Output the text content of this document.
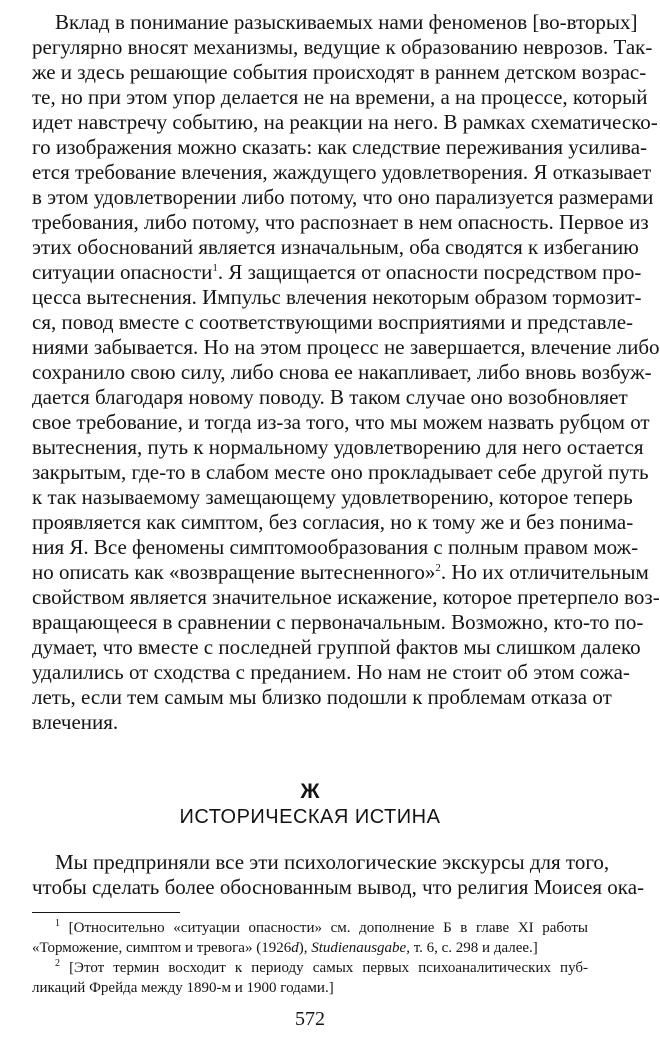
Вклад в понимание разыскиваемых нами феноменов [во-вторых]
регулярно вносят механизмы, ведущие к образованию неврозов. Так-
же и здесь решающие события происходят в раннем детском возрас-
те, но при этом упор делается не на времени, а на процессе, который
идет навстречу событию, на реакции на него. В рамках схематическо-
го изображения можно сказать: как следствие переживания усилива-
ется требование влечения, жаждущего удовлетворения. Я отказывает
в этом удовлетворении либо потому, что оно парализуется размерами
требования, либо потому, что распознает в нем опасность. Первое из
этих обоснований является изначальным, оба сводятся к избеганию
ситуации опасности$^1$. Я защищается от опасности посредством про-
цесса вытеснения. Импульс влечения некоторым образом тормозит-
ся, повод вместе с соответствующими восприятиями и представле-
ниями забывается. Но на этом процесс не завершается, влечение либо
сохранило свою силу, либо снова ее накапливает, либо вновь возбуж-
дается благодаря новому поводу. В таком случае оно возобновляет
свое требование, и тогда из-за того, что мы можем назвать рубцом от
вытеснения, путь к нормальному удовлетворению для него остается
закрытым, где-то в слабом месте оно прокладывает себе другой путь
к так называемому замещающему удовлетворению, которое теперь
проявляется как симптом, без согласия, но к тому же и без понима-
ния Я. Все феномены симптомообразования с полным правом мож-
но описать как «возвращение вытесненного»$^2$. Но их отличительным
свойством является значительное искажение, которое претерпело воз-
вращающееся в сравнении с первоначальным. Возможно, кто-то по-
думает, что вместе с последней группой фактов мы слишком далеко
удалились от сходства с преданием. Но нам не стоит об этом сожа-
леть, если тем самым мы близко подошли к проблемам отказа от
влечения.
Ж
ИСТОРИЧЕСКАЯ ИСТИНА
Мы предприняли все эти психологические экскурсы для того,
чтобы сделать более обоснованным вывод, что религия Моисея ока-
$^1$ [Относительно «ситуации опасности» см. дополнение Б в главе XI работы
«Торможение, симптом и тревога» (1926d), Studienausgabe, т. 6, с. 298 и далее.]
$^2$ [Этот термин восходит к периоду самых первых психоаналитических пуб-
ликаций Фрейда между 1890-м и 1900 годами.]
572
